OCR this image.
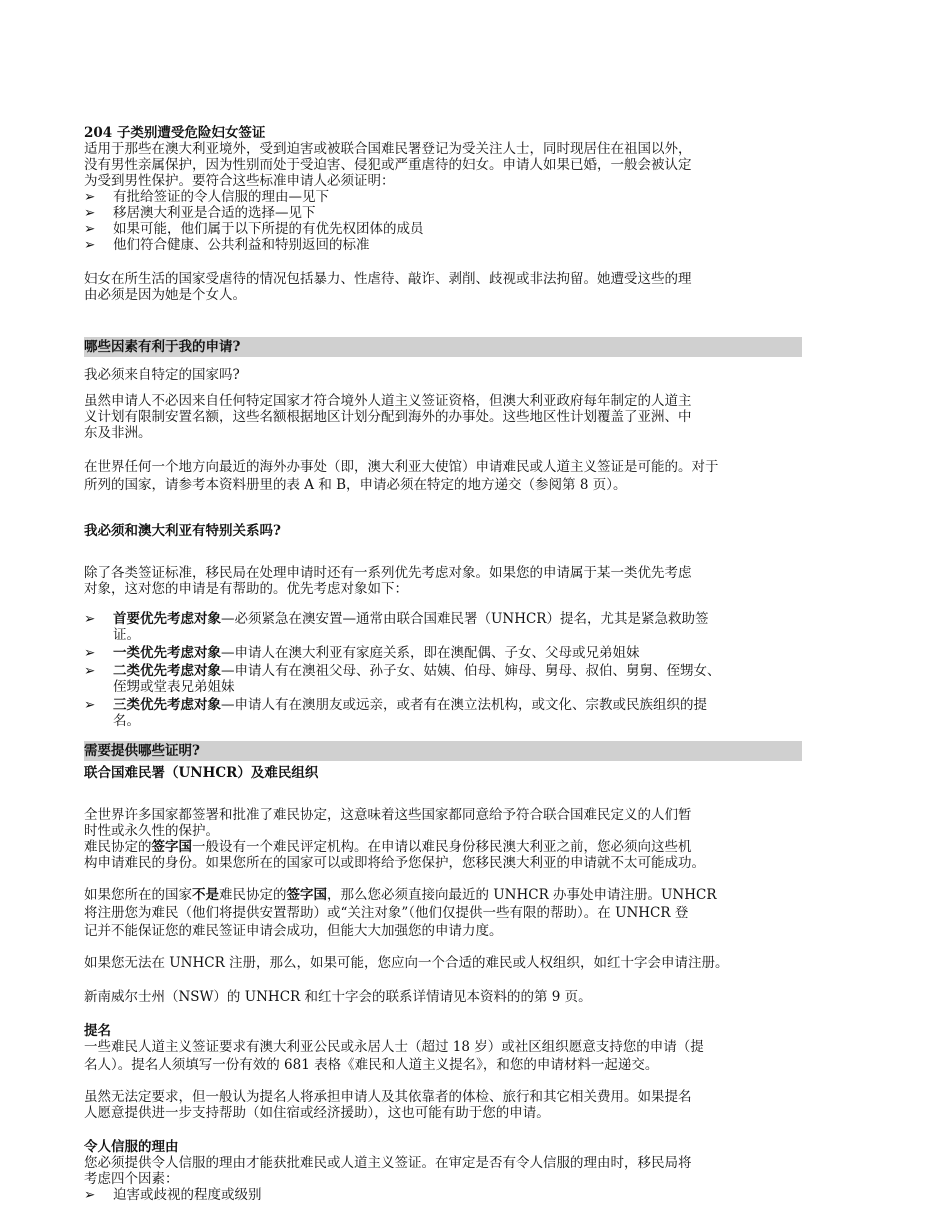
204 子类别遭受危险妇女签证

适用于那些在澳大利亚境外，受到迫害或被联合国难民署登记为受关注人士，同时现居住在祖国以外，

没有男性亲属保护，因为性别而处于受迫害、侵犯或严重虐待的妇女。申请人如果已婚，一般会被认定

为受到男性保护。要符合这些标准申请人必须证明：

➢	有批给签证的令人信服的理由—见下
➢	移居澳大利亚是合适的选择—见下
➢	如果可能，他们属于以下所提的有优先权团体的成员
➢	他们符合健康、公共利益和特别返回的标准

妇女在所生活的国家受虐待的情况包括暴力、性虐待、敲诈、剥削、歧视或非法拘留。她遭受这些的理

由必须是因为她是个女人。

哪些因素有利于我的申请?

我必须来自特定的国家吗?

虽然申请人不必因来自任何特定国家才符合境外人道主义签证资格，但澳大利亚政府每年制定的人道主

义计划有限制安置名额，这些名额根据地区计划分配到海外的办事处。这些地区性计划覆盖了亚洲、中

东及非洲。

在世界任何一个地方向最近的海外办事处（即，澳大利亚大使馆）申请难民或人道主义签证是可能的。对于

所列的国家，请参考本资料册里的表 A 和 B，申请必须在特定的地方递交（参阅第 8 页）。

我必须和澳大利亚有特别关系吗?

除了各类签证标准，移民局在处理申请时还有一系列优先考虑对象。如果您的申请属于某一类优先考虑

对象，这对您的申请是有帮助的。优先考虑对象如下：

➢	首要优先考虑对象—必须紧急在澳安置—通常由联合国难民署（UNHCR）提名，尤其是紧急救助签
证。
➢	一类优先考虑对象—申请人在澳大利亚有家庭关系，即在澳配偶、子女、父母或兄弟姐妹
➢	二类优先考虑对象—申请人有在澳祖父母、孙子女、姑姨、伯母、婶母、舅母、叔伯、舅舅、侄甥女、
侄甥或堂表兄弟姐妹
➢	三类优先考虑对象—申请人有在澳朋友或远亲，或者有在澳立法机构，或文化、宗教或民族组织的提
名。
需要提供哪些证明?

联合国难民署（UNHCR）及难民组织

全世界许多国家都签署和批准了难民协定，这意味着这些国家都同意给予符合联合国难民定义的人们暂

时性或永久性的保护。

难民协定的签字国一般设有一个难民评定机构。在申请以难民身份移民澳大利亚之前，您必须向这些机

构申请难民的身份。如果您所在的国家可以或即将给予您保护，您移民澳大利亚的申请就不太可能成功。

如果您所在的国家不是难民协定的签字国，那么您必须直接向最近的 UNHCR 办事处申请注册。UNHCR

将注册您为难民（他们将提供安置帮助）或“关注对象”（他们仅提供一些有限的帮助）。在 UNHCR 登

记并不能保证您的难民签证申请会成功，但能大大加强您的申请力度。

如果您无法在 UNHCR 注册，那么，如果可能，您应向一个合适的难民或人权组织，如红十字会申请注册。

新南威尔士州（NSW）的 UNHCR 和红十字会的联系详情请见本资料的的第 9 页。

提名

一些难民人道主义签证要求有澳大利亚公民或永居人士（超过 18 岁）或社区组织愿意支持您的申请（提

名人）。提名人须填写一份有效的 681 表格《难民和人道主义提名》，和您的申请材料一起递交。

虽然无法定要求，但一般认为提名人将承担申请人及其依靠者的体检、旅行和其它相关费用。如果提名

人愿意提供进一步支持帮助（如住宿或经济援助），这也可能有助于您的申请。

令人信服的理由

您必须提供令人信服的理由才能获批难民或人道主义签证。在审定是否有令人信服的理由时，移民局将

考虑四个因素：

➢	迫害或歧视的程度或级别
